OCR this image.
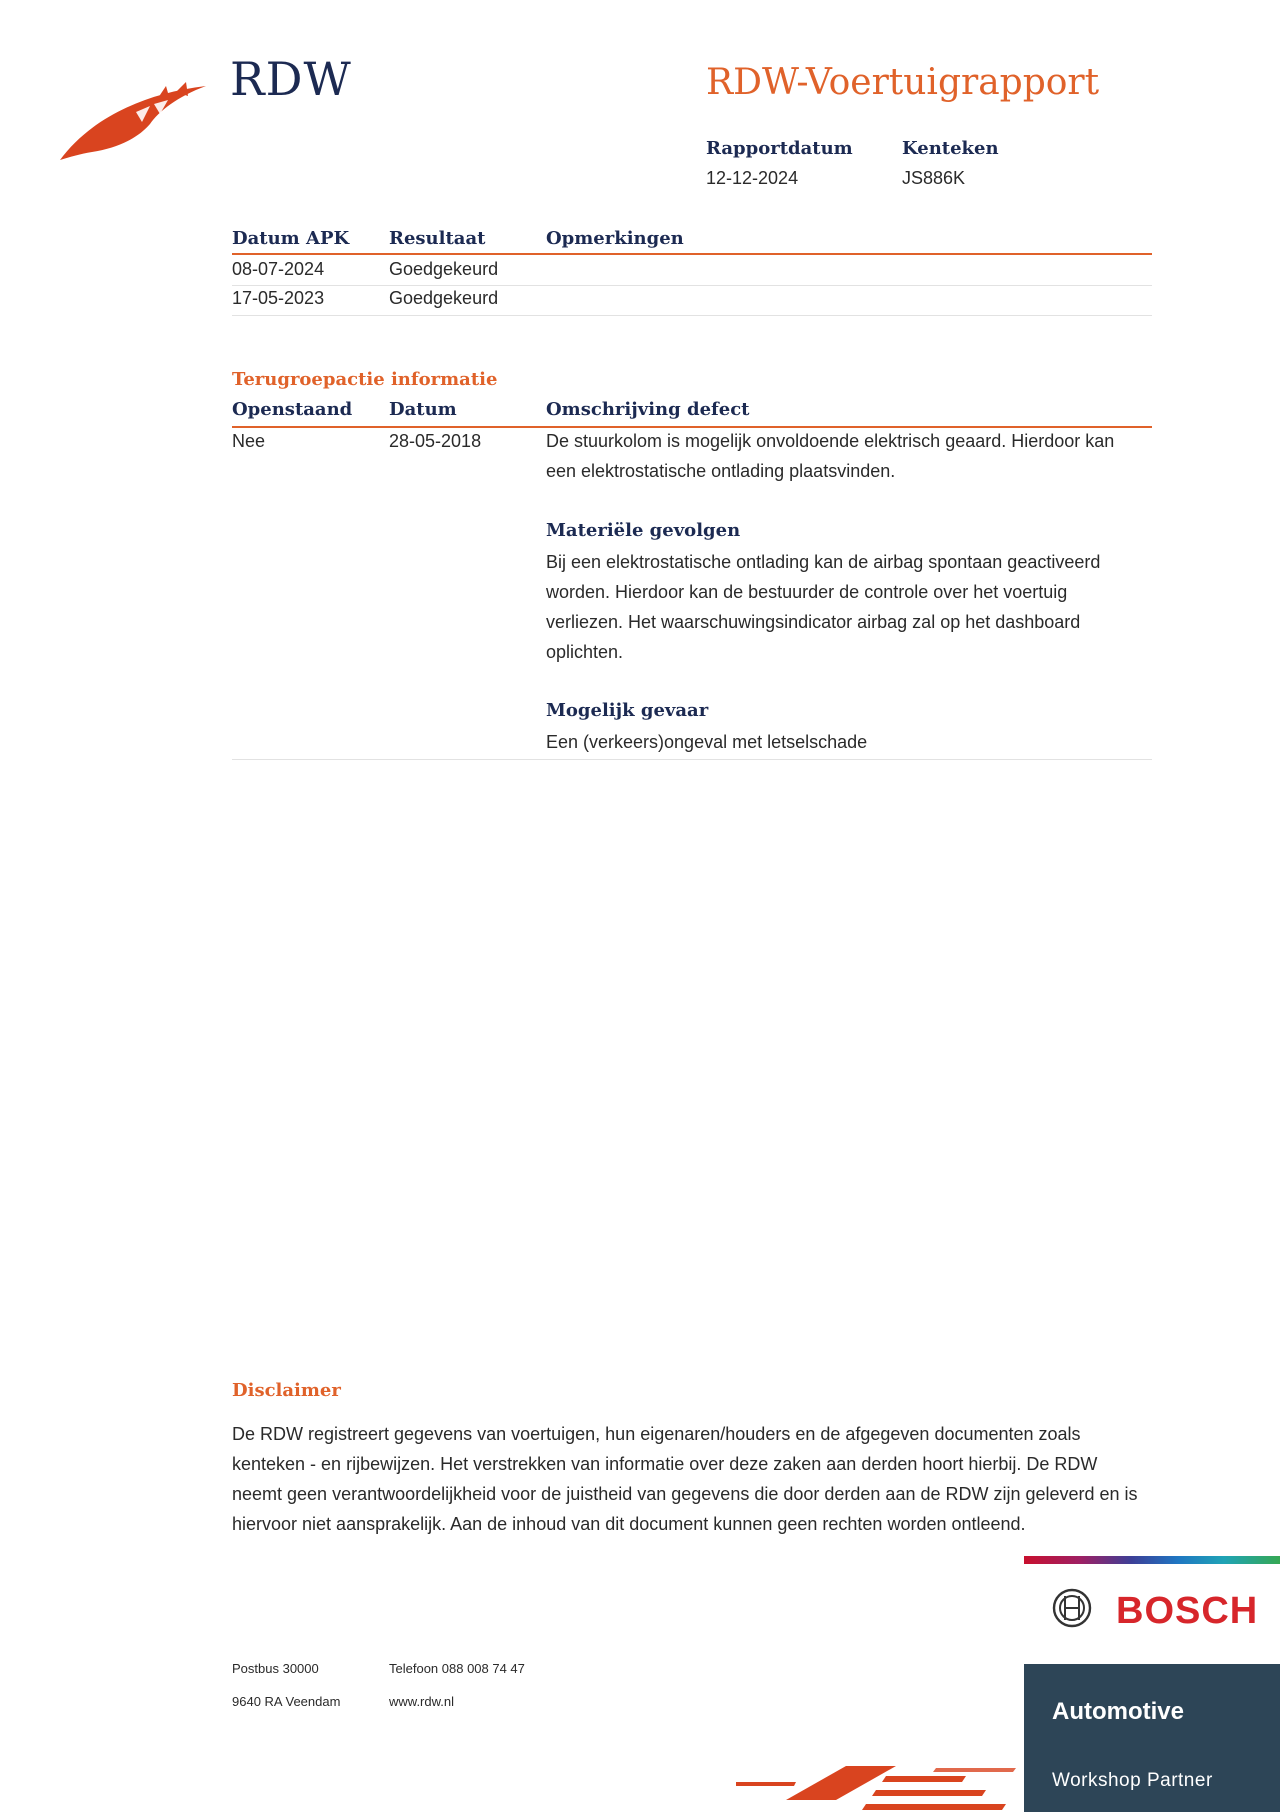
RDW	RDW-Voertuigrapport
Rapportdatum
12-12-2024
Kenteken
JS886K
Datum APK Resultaat	Opmerkingen
08-07-2024	Goedgekeurd
17-05-2023	Goedgekeurd
Terugroepactie informatie
Openstaand Datum	Omschrijving defect
Nee	28-05-2018	De stuurkolom is mogelijk onvoldoende elektrisch geaard. Hierdoor kan een elektrostatische ontlading plaatsvinden.

Materiële gevolgen

Bij een elektrostatische ontlading kan de airbag spontaan geactiveerd worden. Hierdoor kan de bestuurder de controle over het voertuig verliezen. Het waarschuwingsindicator airbag zal op het dashboard oplichten.

Mogelijk gevaar

Een (verkeers)ongeval met letselschade

Disclaimer

De RDW registreert gegevens van voertuigen, hun eigenaren/houders en de afgegeven documenten zoals kenteken - en rijbewijzen. Het verstrekken van informatie over deze zaken aan derden hoort hierbij. De RDW neemt geen verantwoordelijkheid voor de juistheid van gegevens die door derden aan de RDW zijn geleverd en is hiervoor niet aansprakelijk. Aan de inhoud van dit document kunnen geen rechten worden ontleend.

Postbus 30000
9640 RA Veendam
Telefoon 088 008 74 47
www.rdw.nl
BOSCH
Automotive
Workshop Partner
